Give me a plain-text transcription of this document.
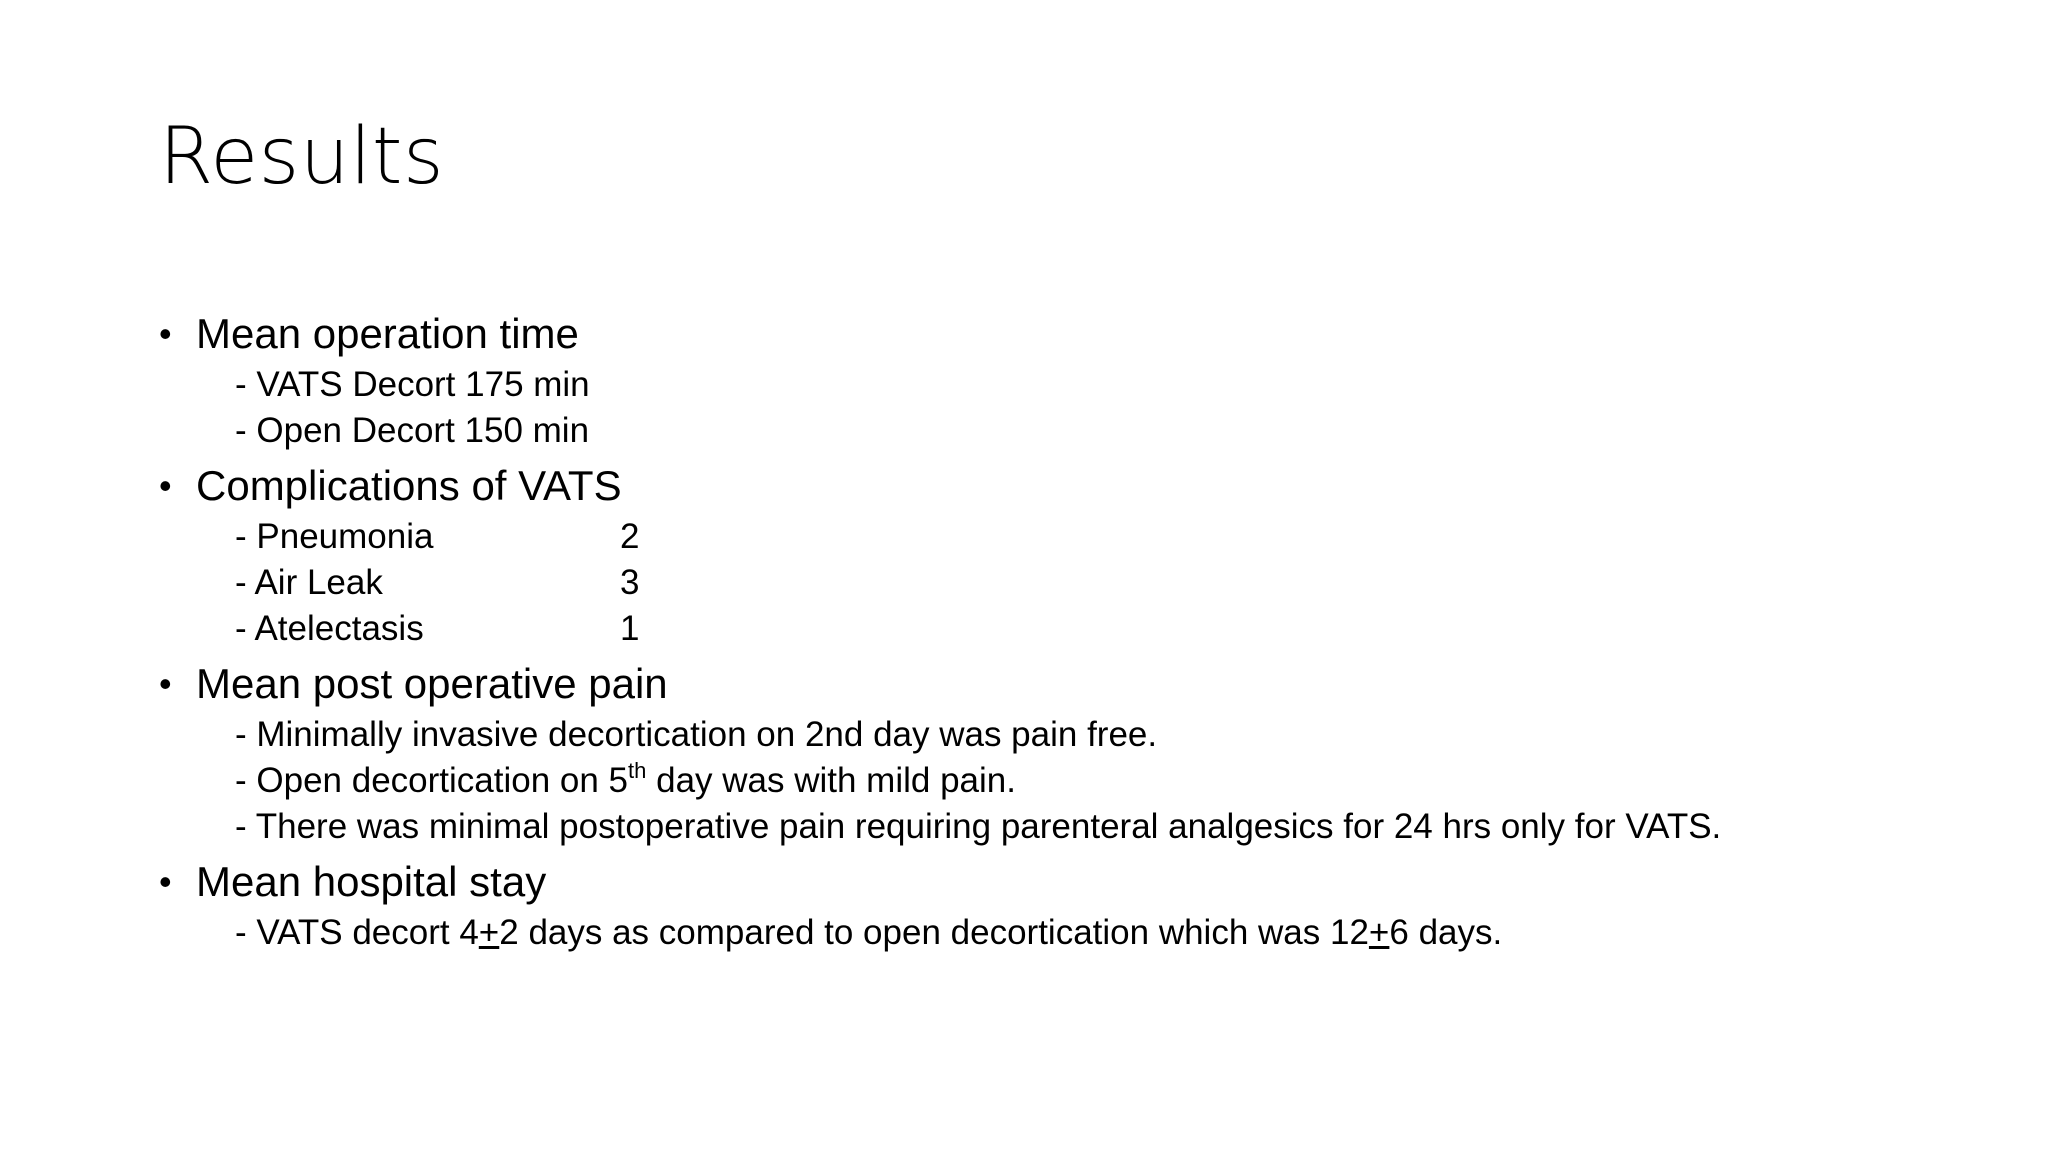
Results
• Mean operation time
- VATS Decort 175 min
- Open Decort 150 min
• Complications of VATS
- Pneumonia	2
- Air Leak	3
- Atelectasis	1
• Mean post operative pain
- Minimally invasive decortication on 2nd day was pain free.
- Open decortication on 5th day was with mild pain.
- There was minimal postoperative pain requiring parenteral analgesics for 24 hrs only for VATS.
• Mean hospital stay
- VATS decort 4+2 days as compared to open decortication which was 12+6 days.
